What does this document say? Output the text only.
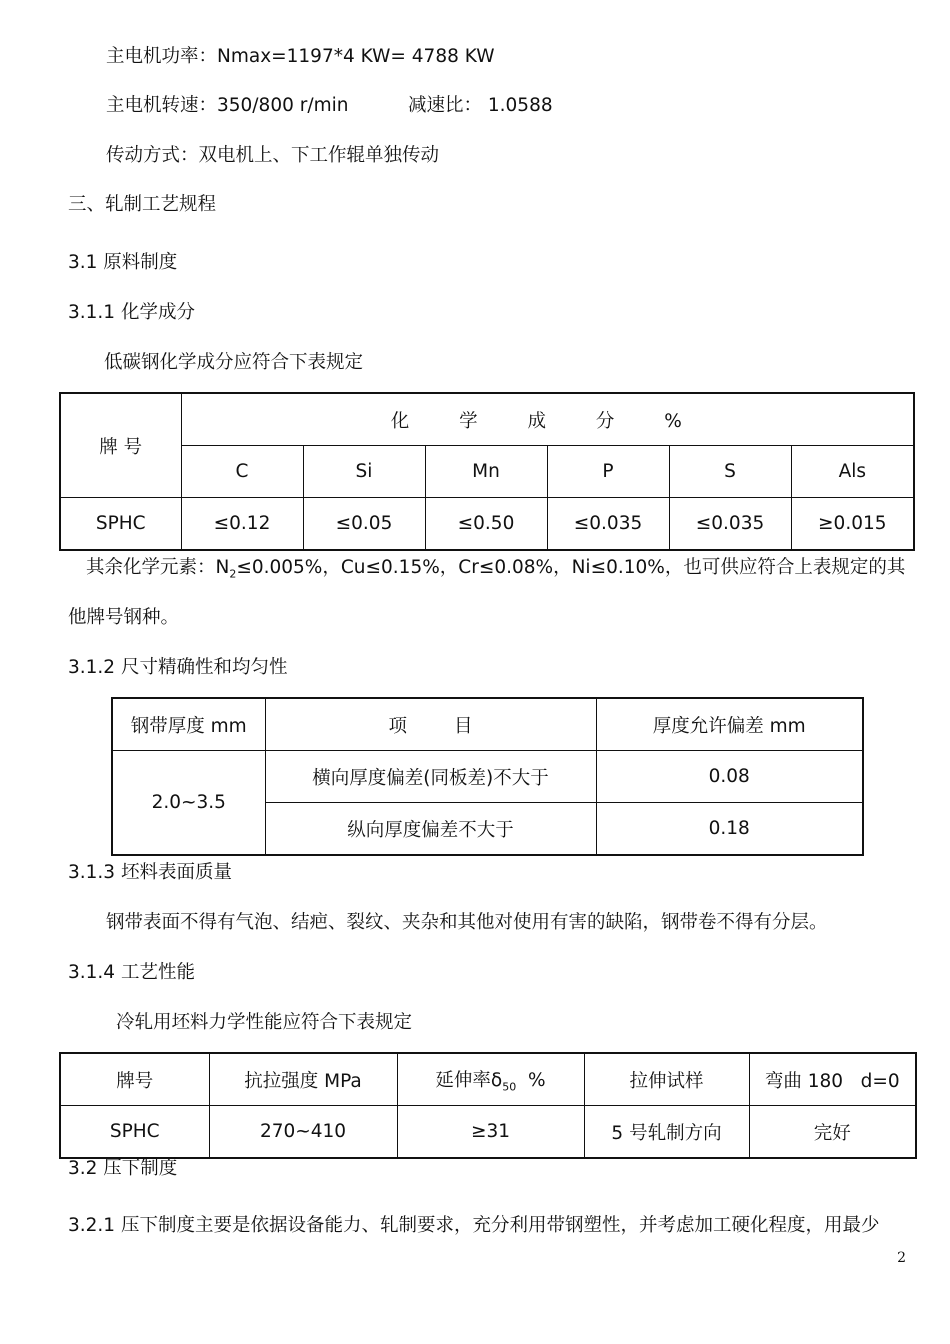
主电机功率：Nmax=1197*4 KW= 4788 KW
主电机转速：350/800 r/min	减速比： 1.0588
传动方式：双电机上、下工作辊单独传动
三、轧制工艺规程
3.1 原料制度
3.1.1 化学成分
低碳钢化学成分应符合下表规定
牌 号	化 学 成 分 %					
	C	Si	Mn	P	S	Als
SPHC	≤0.12	≤0.05	≤0.50	≤0.035	≤0.035	≥0.015
其余化学元素：$N_2\le 0.005\%$，Cu≤0.15%，Cr≤0.08%，Ni≤0.10%，也可供应符合上表规定的其
他牌号钢种。
3.1.2 尺寸精确性和均匀性
钢带厚度 mm	项        目	厚度允许偏差 mm
2.0~3.5	横向厚度偏差(同板差)不大于	0.08
	纵向厚度偏差不大于	0.18
3.1.3 坯料表面质量
钢带表面不得有气泡、结疤、裂纹、夹杂和其他对使用有害的缺陷，钢带卷不得有分层。
3.1.4 工艺性能
冷轧用坯料力学性能应符合下表规定
牌号	抗拉强度 MPa	延伸率$\delta_{50}$  %	拉伸试样	弯曲 180   d=0
SPHC	270~410	≥31	5 号轧制方向	完好
3.2 压下制度
3.2.1 压下制度主要是依据设备能力、轧制要求，充分利用带钢塑性，并考虑加工硬化程度，用最少
2
